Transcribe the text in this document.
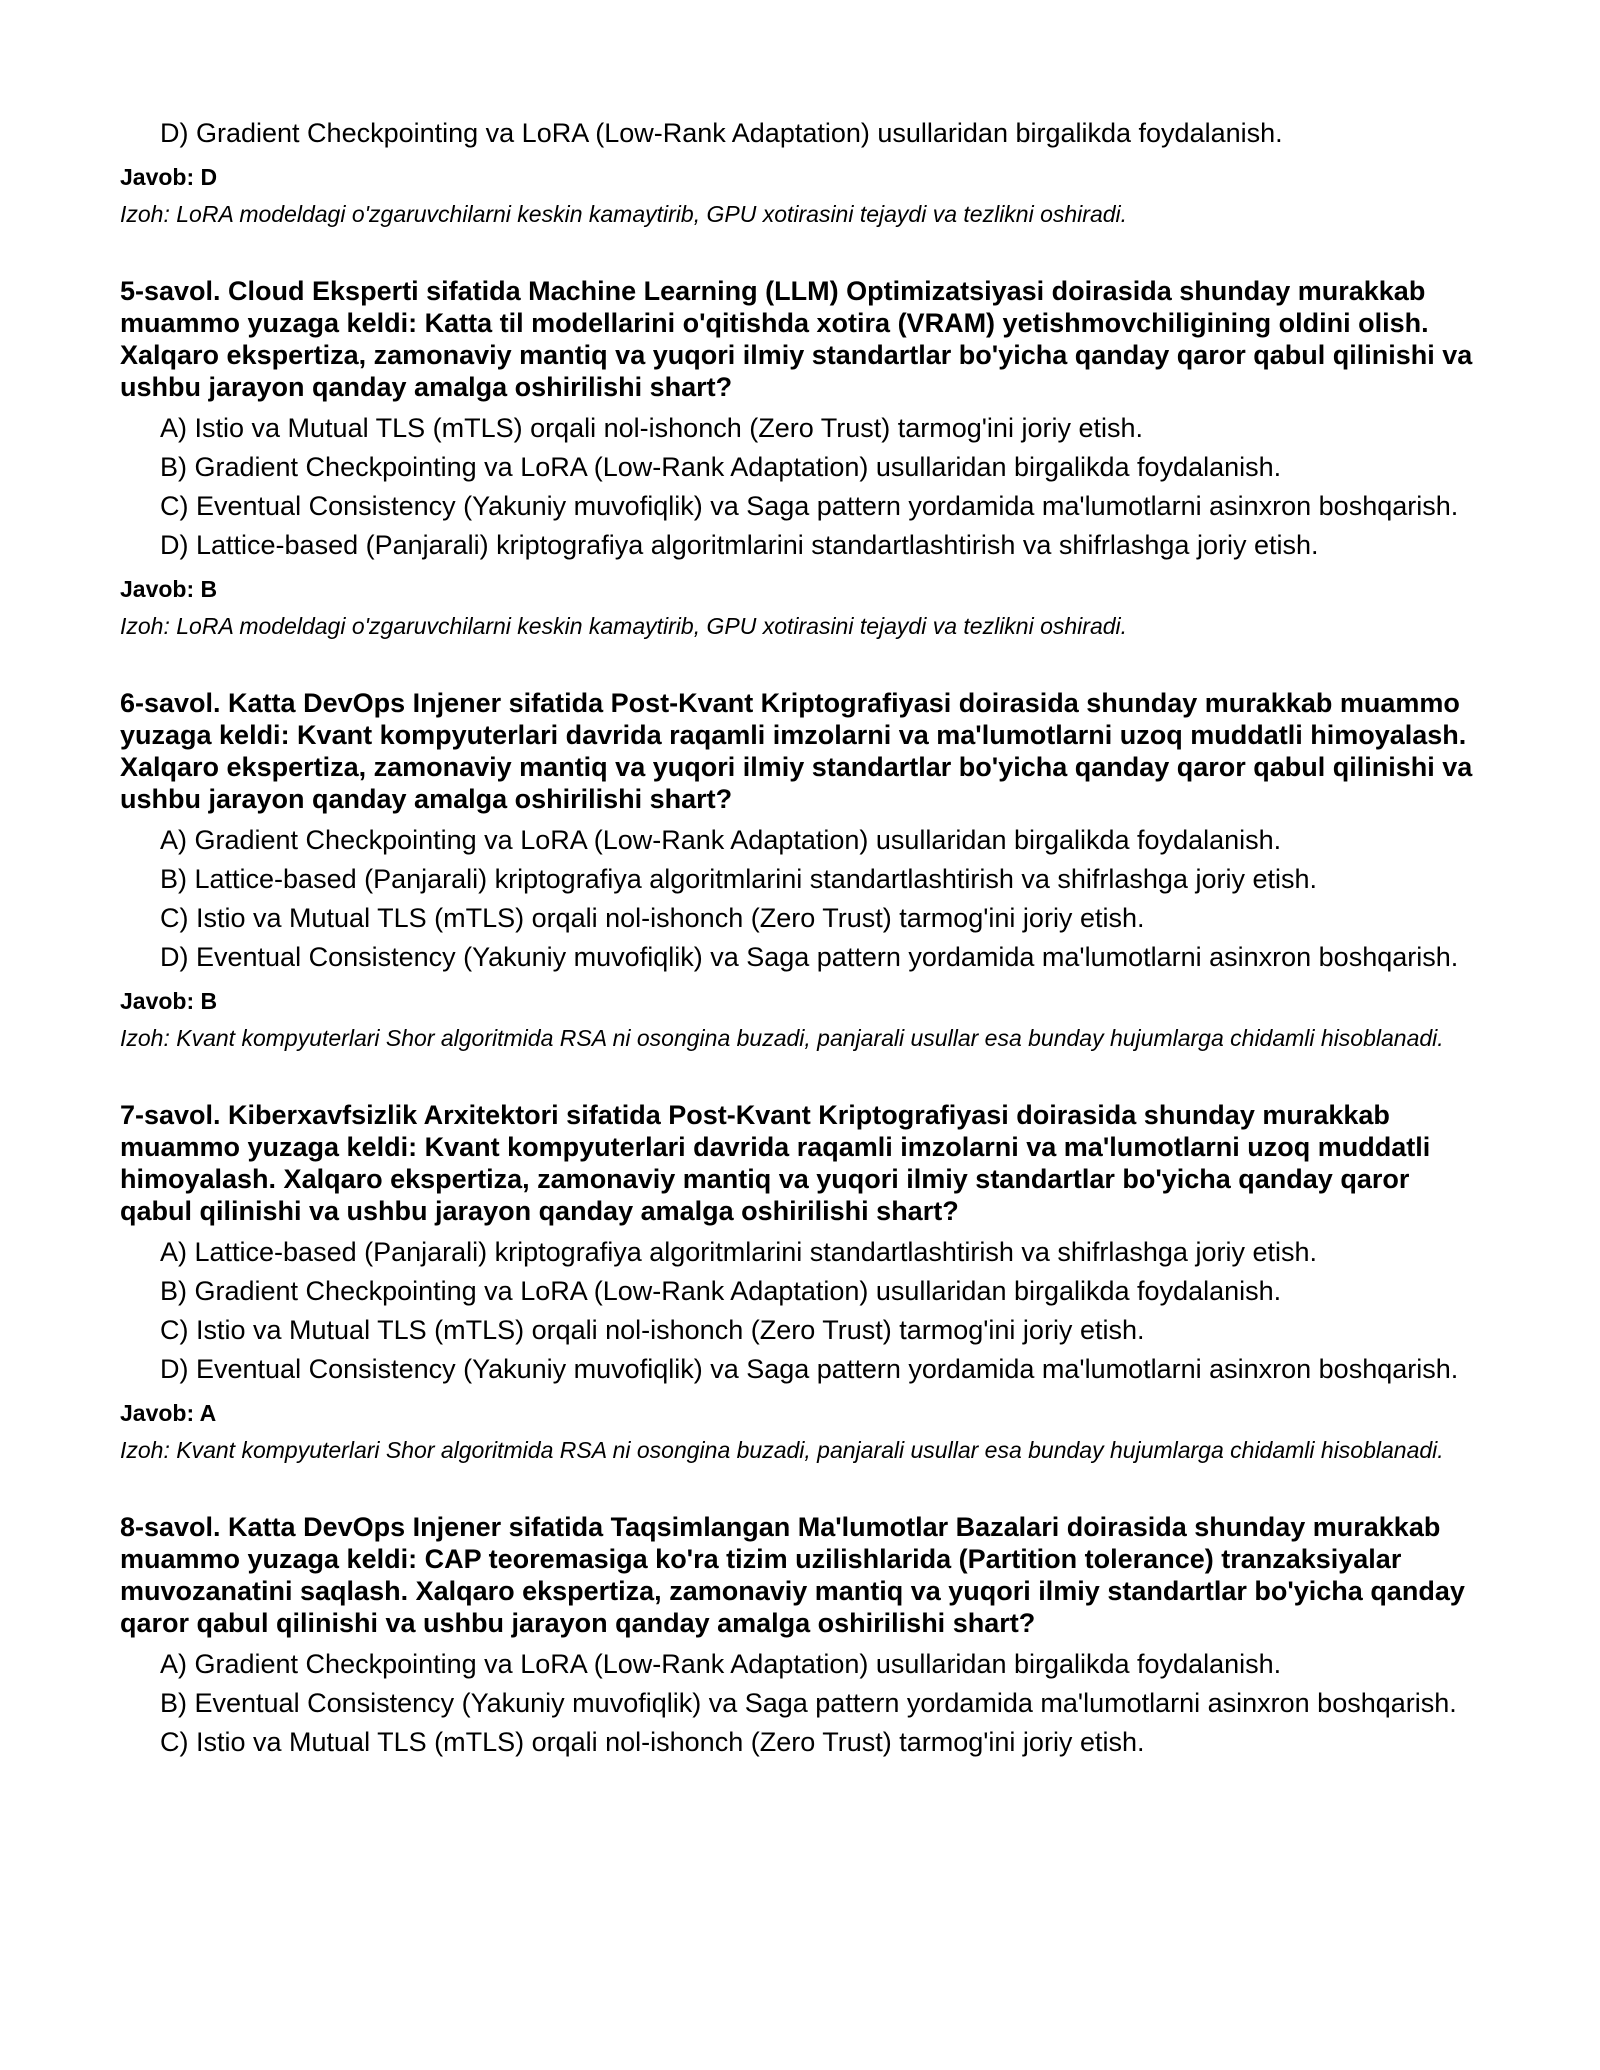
D) Gradient Checkpointing va LoRA (Low-Rank Adaptation) usullaridan birgalikda foydalanish.
Javob: D
Izoh: LoRA modeldagi o'zgaruvchilarni keskin kamaytirib, GPU xotirasini tejaydi va tezlikni oshiradi.
5-savol. Cloud Eksperti sifatida Machine Learning (LLM) Optimizatsiyasi doirasida shunday murakkab muammo yuzaga keldi: Katta til modellarini o'qitishda xotira (VRAM) yetishmovchiligining oldini olish. Xalqaro ekspertiza, zamonaviy mantiq va yuqori ilmiy standartlar bo'yicha qanday qaror qabul qilinishi va ushbu jarayon qanday amalga oshirilishi shart?
A) Istio va Mutual TLS (mTLS) orqali nol-ishonch (Zero Trust) tarmog'ini joriy etish.
B) Gradient Checkpointing va LoRA (Low-Rank Adaptation) usullaridan birgalikda foydalanish.
C) Eventual Consistency (Yakuniy muvofiqlik) va Saga pattern yordamida ma'lumotlarni asinxron boshqarish.
D) Lattice-based (Panjarali) kriptografiya algoritmlarini standartlashtirish va shifrlashga joriy etish.
Javob: B
Izoh: LoRA modeldagi o'zgaruvchilarni keskin kamaytirib, GPU xotirasini tejaydi va tezlikni oshiradi.
6-savol. Katta DevOps Injener sifatida Post-Kvant Kriptografiyasi doirasida shunday murakkab muammo yuzaga keldi: Kvant kompyuterlari davrida raqamli imzolarni va ma'lumotlarni uzoq muddatli himoyalash. Xalqaro ekspertiza, zamonaviy mantiq va yuqori ilmiy standartlar bo'yicha qanday qaror qabul qilinishi va ushbu jarayon qanday amalga oshirilishi shart?
A) Gradient Checkpointing va LoRA (Low-Rank Adaptation) usullaridan birgalikda foydalanish.
B) Lattice-based (Panjarali) kriptografiya algoritmlarini standartlashtirish va shifrlashga joriy etish.
C) Istio va Mutual TLS (mTLS) orqali nol-ishonch (Zero Trust) tarmog'ini joriy etish.
D) Eventual Consistency (Yakuniy muvofiqlik) va Saga pattern yordamida ma'lumotlarni asinxron boshqarish.
Javob: B
Izoh: Kvant kompyuterlari Shor algoritmida RSA ni osongina buzadi, panjarali usullar esa bunday hujumlarga chidamli hisoblanadi.
7-savol. Kiberxavfsizlik Arxitektori sifatida Post-Kvant Kriptografiyasi doirasida shunday murakkab muammo yuzaga keldi: Kvant kompyuterlari davrida raqamli imzolarni va ma'lumotlarni uzoq muddatli himoyalash. Xalqaro ekspertiza, zamonaviy mantiq va yuqori ilmiy standartlar bo'yicha qanday qaror qabul qilinishi va ushbu jarayon qanday amalga oshirilishi shart?
A) Lattice-based (Panjarali) kriptografiya algoritmlarini standartlashtirish va shifrlashga joriy etish.
B) Gradient Checkpointing va LoRA (Low-Rank Adaptation) usullaridan birgalikda foydalanish.
C) Istio va Mutual TLS (mTLS) orqali nol-ishonch (Zero Trust) tarmog'ini joriy etish.
D) Eventual Consistency (Yakuniy muvofiqlik) va Saga pattern yordamida ma'lumotlarni asinxron boshqarish.
Javob: A
Izoh: Kvant kompyuterlari Shor algoritmida RSA ni osongina buzadi, panjarali usullar esa bunday hujumlarga chidamli hisoblanadi.
8-savol. Katta DevOps Injener sifatida Taqsimlangan Ma'lumotlar Bazalari doirasida shunday murakkab muammo yuzaga keldi: CAP teoremasiga ko'ra tizim uzilishlarida (Partition tolerance) tranzaksiyalar muvozanatini saqlash. Xalqaro ekspertiza, zamonaviy mantiq va yuqori ilmiy standartlar bo'yicha qanday qaror qabul qilinishi va ushbu jarayon qanday amalga oshirilishi shart?
A) Gradient Checkpointing va LoRA (Low-Rank Adaptation) usullaridan birgalikda foydalanish.
B) Eventual Consistency (Yakuniy muvofiqlik) va Saga pattern yordamida ma'lumotlarni asinxron boshqarish.
C) Istio va Mutual TLS (mTLS) orqali nol-ishonch (Zero Trust) tarmog'ini joriy etish.
